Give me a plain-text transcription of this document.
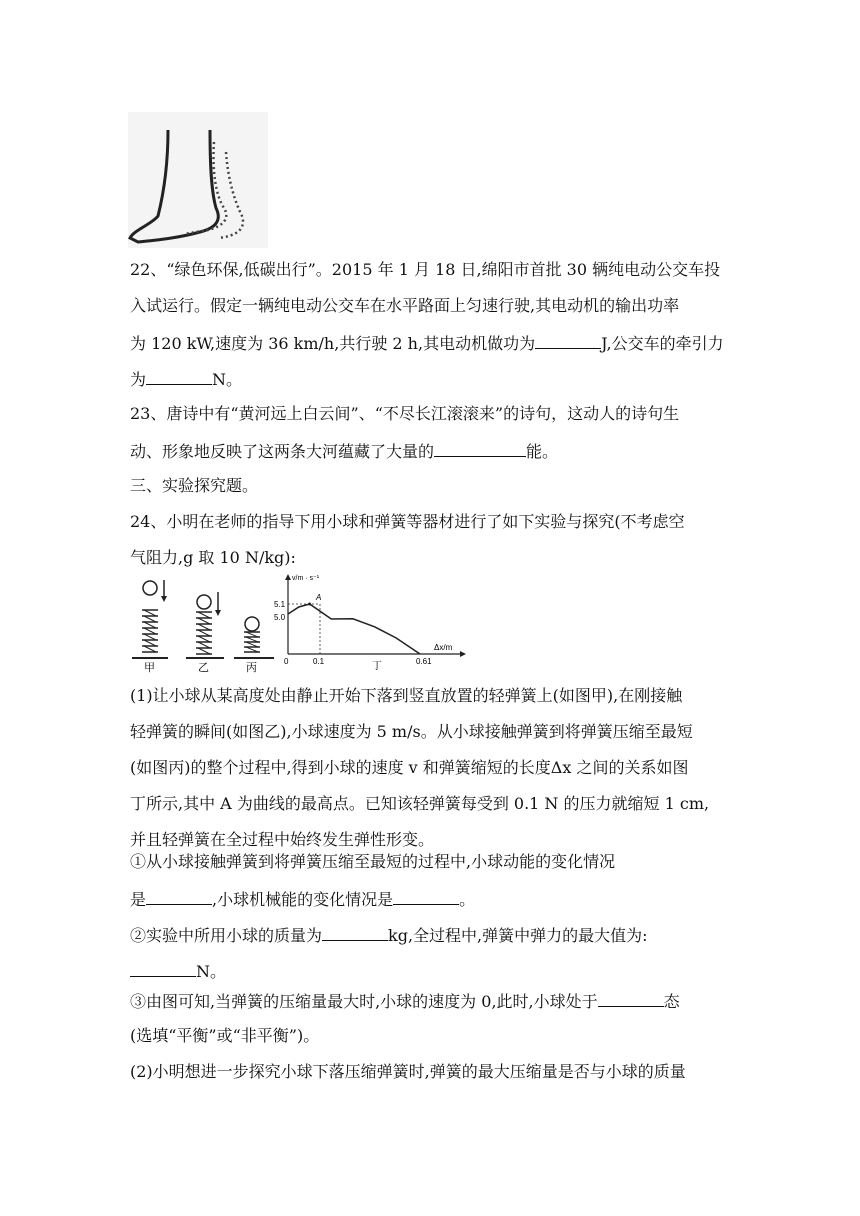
22、“绿色环保,低碳出行”。2015 年 1 月 18 日,绵阳市首批 30 辆纯电动公交车投
入试运行。假定一辆纯电动公交车在水平路面上匀速行驶,其电动机的输出功率
为 120 kW,速度为 36 km/h,共行驶 2 h,其电动机做功为	J,公交车的牵引力
为	N。
23、唐诗中有“黄河远上白云间”、“不尽长江滚滚来”的诗句，这动人的诗句生
动、形象地反映了这两条大河蕴藏了大量的	能。
三、实验探究题。
24、小明在老师的指导下用小球和弹簧等器材进行了如下实验与探究(不考虑空
气阻力,g 取 10 N/kg):
甲	乙	丙
v/m · s⁻¹
Δx/m
5.1
5.0
0	0.1	0.61
A
丁
(1)让小球从某高度处由静止开始下落到竖直放置的轻弹簧上(如图甲),在刚接触
轻弹簧的瞬间(如图乙),小球速度为 5 m/s。从小球接触弹簧到将弹簧压缩至最短
(如图丙)的整个过程中,得到小球的速度 v 和弹簧缩短的长度Δx 之间的关系如图
丁所示,其中 A 为曲线的最高点。已知该轻弹簧每受到 0.1 N 的压力就缩短 1 cm,
并且轻弹簧在全过程中始终发生弹性形变。
①从小球接触弹簧到将弹簧压缩至最短的过程中,小球动能的变化情况
是	,小球机械能的变化情况是	。
②实验中所用小球的质量为	kg,全过程中,弹簧中弹力的最大值为:
N。
③由图可知,当弹簧的压缩量最大时,小球的速度为 0,此时,小球处于	态
(选填“平衡”或“非平衡”)。
(2)小明想进一步探究小球下落压缩弹簧时,弹簧的最大压缩量是否与小球的质量
